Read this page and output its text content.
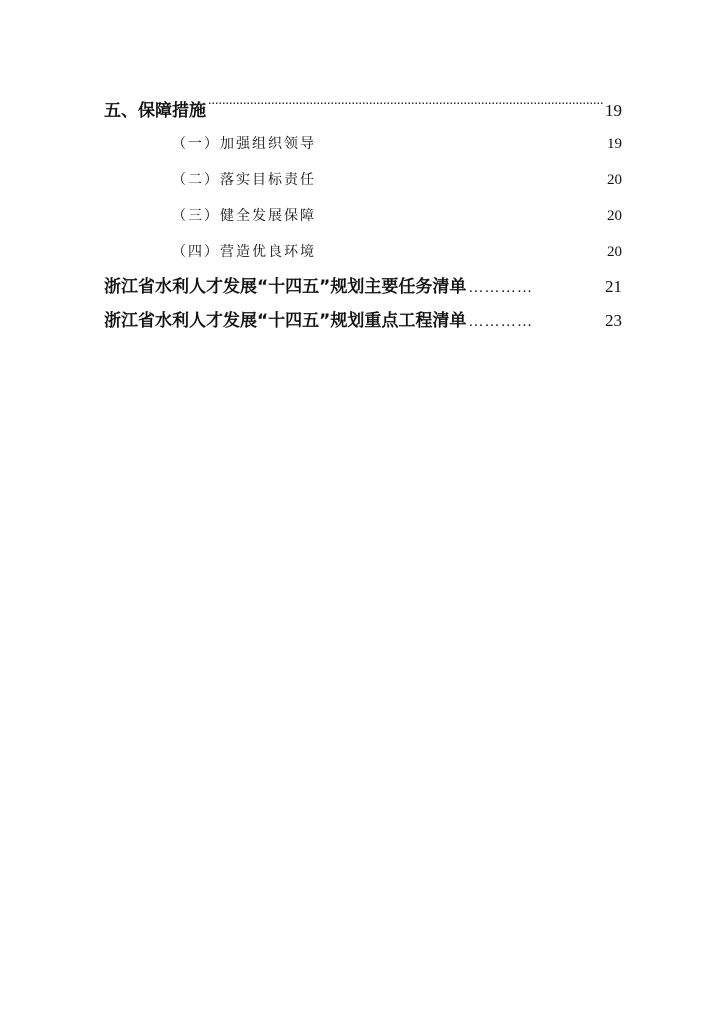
五、保障措施 .....	19
（一）加强组织领导 .....	19
（二）落实目标责任 .....	20
（三）健全发展保障 .....	20
（四）营造优良环境 .....	20
浙江省水利人才发展“十四五”规划主要任务清单 …………	21
浙江省水利人才发展“十四五”规划重点工程清单 …………	23
